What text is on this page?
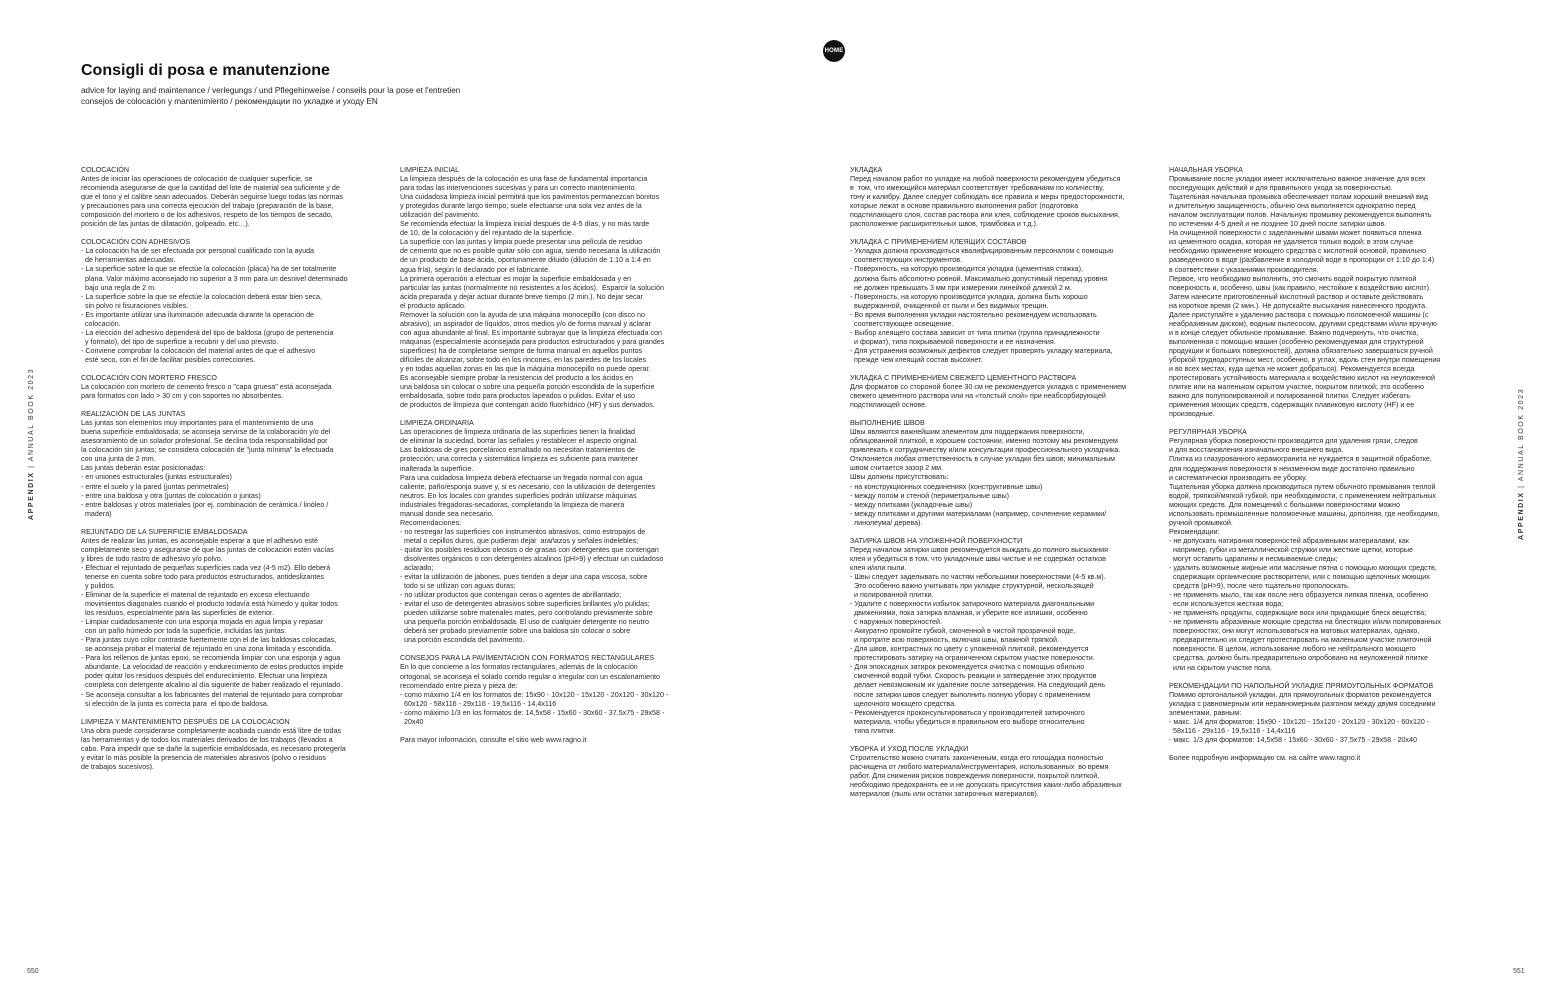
HOME
Consigli di posa e manutenzione
advice for laying and maintenance / verlegungs / und Pflegehinweise / conseils pour la pose et l'entretien
consejos de colocación y mantenimiento / рекомендации по укладке и уходу EN
COLOCACIÓN
Antes de iniciar las operaciones de colocación de cualquier superficie, se
recomienda asegurarse de que la cantidad del lote de material sea suficiente y de
que el tono y el calibre sean adecuados. Deberán seguirse luego todas las normas
y precauciones para una correcta ejecución del trabajo (preparación de la base,
composición del mortero o de los adhesivos, respeto de los tiempos de secado,
posición de las juntas de dilatación, golpeado, etc…).
COLOCACIÓN CON ADHESIVOS
- La colocación ha de ser efectuada por personal cualificado con la ayuda
de herramientas adecuadas.
- La superficie sobre la que se efectúe la colocación (placa) ha de ser totalmente
plana. Valor máximo aconsejado no superior a 3 mm para un desnivel determinado
bajo una regla de 2 m.
- La superficie sobre la que se efectúe la colocación deberá estar bien seca,
sin polvo ni fisuraciones visibles.
- Es importante utilizar una iluminación adecuada durante la operación de
colocación.
- La elección del adhesivo dependerá del tipo de baldosa (grupo de pertenencia
y formato), del tipo de superficie a recubrir y del uso previsto.
- Conviene comprobar la colocación del material antes de que el adhesivo
esté seco, con el fin de facilitar posibles correcciones.
COLOCACIÓN CON MORTERO FRESCO
La colocación con mortero de cemento fresco o "capa gruesa" está aconsejada
para formatos con lado > 30 cm y con soportes no absorbentes.
REALIZACIÓN DE LAS JUNTAS
Las juntas son elementos muy importantes para el mantenimiento de una
buena superficie embaldosada; se aconseja servirse de la colaboración y/o del
asesoramiento de un solador profesional. Se declina toda responsabilidad por
la colocación sin juntas; se considera colocación de "junta mínima" la efectuada
con una junta de 2 mm.
Las juntas deberán estar posicionadas:
- en uniones estructurales (juntas estructurales)
- entre el suelo y la pared (juntas perimetrales)
- entre una baldosa y otra (juntas de colocación o juntas)
- entre baldosas y otros materiales (por ej. combinación de cerámica / linóleo /
madera)
REJUNTADO DE LA SUPERFICIE EMBALDOSADA
Antes de realizar las juntas, es aconsejable esperar a que el adhesivo esté
completamente seco y asegurarse de que las juntas de colocación estén vacías
y libres de todo rastro de adhesivo y/o polvo.
- Efectuar el rejuntado de pequeñas superficies cada vez (4-5 m2). Ello deberá
tenerse en cuenta sobre todo para productos estructurados, antideslizantes
y pulidos.
- Eliminar de la superficie el material de rejuntado en exceso efectuando
movimientos diagonales cuando el producto todavía está húmedo y quitar todos
los residuos, especialmente para las superficies de exterior.
- Limpiar cuidadosamente con una esponja mojada en agua limpia y repasar
con un paño húmedo por toda la superficie, incluidas las juntas.
- Para juntas cuyo color contraste fuertemente con el de las baldosas colocadas,
se aconseja probar el material de rejuntado en una zona limitada y escondida.
- Para los rellenos de juntas epoxi, se recomienda limpiar con una esponja y agua
abundante. La velocidad de reacción y endurecimiento de estos productos impide
poder quitar los residuos después del endurecimiento. Efectuar una limpieza
completa con detergente alcalino al día siguiente de haber realizado el rejuntado.
- Se aconseja consultar a los fabricantes del material de rejuntado para comprobar
si elección de la junta es correcta para  el tipo de baldosa.
LIMPIEZA Y MANTENIMIENTO DESPUÉS DE LA COLOCACIÓN
Una obra puede considerarse completamente acabada cuando está libre de todas
las herramientas y de todos los materiales derivados de los trabajos (llevados a
cabo. Para impedir que se dañe la superficie embaldosada, es necesario protegerla
y evitar lo más posible la presencia de materiales abrasivos (polvo o residuos
de trabajos sucesivos).
LIMPIEZA INICIAL
La limpieza después de la colocación es una fase de fundamental importancia
para todas las intervenciones sucesivas y para un correcto mantenimiento.
Una cuidadosa limpieza inicial permitirá que los pavimentos permanezcan bonitos
y protegidos durante largo tiempo; suele efectuarse una sola vez antes de la
utilización del pavimento.
Se recomienda efectuar la limpieza inicial después de 4-5 días, y no más tarde
de 10, de la colocación y del rejuntado de la superficie.
La superficie con las juntas y limpia puede presentar una película de residuo
de cemento que no es posible quitar sólo con agua, siendo necesaria la utilización
de un producto de base ácida, oportunamente diluido (dilución de 1:10 a 1:4 en
agua fría), según lo declarado por el fabricante.
La primera operación a efectuar es mojar la superficie embaldosada y en
particular las juntas (normalmente no resistentes a los ácidos).  Esparcir la solución
ácida preparada y dejar actuar durante breve tiempo (2 min.). No dejar secar
el producto aplicado.
Remover la solución con la ayuda de una máquina monocepillo (con disco no
abrasivo), un aspirador de líquidos, otros medios y/o de forma manual y aclarar
con agua abundante al final. Es importante subrayar que la limpieza efectuada con
máquinas (especialmente aconsejada para productos estructurados y para grandes
superficies) ha de completarse siempre de forma manual en aquellos puntos
difíciles de alcanzar, sobre todo en los rincones, en las paredes de los locales
y en todas aquellas zonas en las que la máquina monocepillo no puede operar.
Es aconsejable siempre probar la resistencia del producto a los ácidos en
una baldosa sin colocar o sobre una pequeña porción escondida de la superficie
embaldosada, sobre todo para productos lapeados o pulidos. Evitar el uso
de productos de limpieza que contengan ácido fluorhídrico (HF) y sus derivados.
LIMPIEZA ORDINARIA
Las operaciones de limpieza ordinaria de las superficies tienen la finalidad
de eliminar la suciedad, borrar las señales y restablecer el aspecto original.
Las baldosas de gres porcelánico esmaltado no necesitan tratamientos de
protección; una correcta y sistemática limpieza es suficiente para mantener
inalterada la superficie.
Para una cuidadosa limpieza deberá efectuarse un fregado normal con agua
caliente, paño/esponja suave y, si es necesario, con la utilización de detergentes
neutros. En los locales con grandes superficies podrán utilizarse máquinas
industriales fregadoras-secadoras, completando la limpieza de manera
manual donde sea necesario.
Recomendaciones:
- no restregar las superficies con instrumentos abrasivos, como estropajos de
metal o cepillos duros, que pudieran dejar  arañazos y señales indelebles;
- quitar los posibles residuos oleosos o de grasas con detergentes que contengan
disolventes orgánicos o con detergentes alcalinos (pH>9) y efectuar un cuidadoso
aclarado;
- evitar la utilización de jabones, pues tienden a dejar una capa viscosa, sobre
todo si se utilizan con aguas duras;
- no utilizar productos que contengan ceras o agentes de abrillantado;
- evitar el uso de detergentes abrasivos sobre superficies brillantes y/o pulidas;
pueden utilizarse sobre materiales mates, pero controlando previamente sobre
una pequeña porción embaldosada. El uso de cualquier detergente no neutro
deberá ser probado previamente sobre una baldosa sin colocar o sobre
una porción escondida del pavimento.
CONSEJOS PARA LA PAVIMENTACIÓN CON FORMATOS RECTANGULARES
En lo que concierne a los formatos rectangulares, además de la colocación
ortogonal, se aconseja el solado corrido regular o irregular con un escalonamiento
recomendado entre pieza y pieza de:
- como máximo 1/4 en los formatos de: 15x90 - 10x120 - 15x120 - 20x120 - 30x120 -
60x120 - 58x116 - 29x116 - 19,5x116 - 14,4x116
- como máximo 1/3 en los formatos de: 14,5x58 - 15x60 - 30x60 - 37,5x75 - 29x58 -
20x40
Para mayor información, consulte el sitio web www.ragno.it
УКЛАДКА
Перед началом работ по укладке на любой поверхности рекомендуем убедиться
в  том, что имеющийся материал соответствует требованиям по количеству,
тону и калибру. Далее следует соблюдать все правила и меры предосторожности,
которые лежат в основе правильного выполнения работ (подготовка
подстилающего слоя, состав раствора или клея, соблюдение сроков высыхания,
расположение расширительных швов, трамбовка и т.д.).
УКЛАДКА С ПРИМЕНЕНИЕМ КЛЕЯЩИХ СОСТАВОВ
- Укладка должна производиться квалифицированным персоналом с помощью
соответствующих инструментов.
- Поверхность, на которую производится укладка (цементная стяжка),
должна быть абсолютно ровной. Максимально допустимый перепад уровня
не должен превышать 3 мм при измерении линейкой длиной 2 м.
- Поверхность, на которую производится укладка, должна быть хорошо
выдержанной, очищенной от пыли и без видимых трещин.
- Во время выполнения укладки настоятельно рекомендуем использовать
соответствующее освещение.
- Выбор клеящего состава зависит от типа плитки (группа принадлежности
и формат), типа покрываемой поверхности и ее назначения.
- Для устранения возможных дефектов следует проверять укладку материала,
прежде чем клеящий состав высохнет.
УКЛАДКА С ПРИМЕНЕНИЕМ СВЕЖЕГО ЦЕМЕНТНОГО РАСТВОРА
Для форматов со стороной более 30 см не рекомендуется укладка с применением
свежего цементного раствора или на «толстый слой» при неабсорбирующей
подстилающей основе.
ВЫПОЛНЕНИЕ ШВОВ
Швы являются важнейшим элементом для поддержания поверхности,
облицованной плиткой, в хорошем состоянии, именно поэтому мы рекомендуем
привлекать к сотрудничеству и/или консультации профессионального укладчика.
Отклоняется любая ответственность в случае укладки без швов; минимальным
швом считается зазор 2 мм.
Швы должны присутствовать:
- на конструкционных соединениях (конструктивные швы)
- между полом и стеной (периметральные швы)
- между плитками (укладочные швы)
- между плитками и другими материалами (например, сочленение керамики/
линолеума/ дерева).
ЗАТИРКА ШВОВ НА УЛОЖЕННОЙ ПОВЕРХНОСТИ
Перед началом затирки швов рекомендуется выждать до полного высыхания
клея и убедиться в том, что укладочные швы чистые и не содержат остатков
клея и/или пыли.
- Швы следует заделывать по частям небольшими поверхностями (4-5 кв.м).
Это особенно важно учитывать при укладке структурной, нескользящей
и полированной плитки.
- Удалите с поверхности избыток затирочного материала диагональными
движениями, пока затирка влажная, и уберите все излишки, особенно
с наружных поверхностей.
- Аккуратно промойте губкой, смоченной в чистой прозрачной воде,
и протрите всю поверхность, включая швы, влажной тряпкой.
- Для швов, контрастных по цвету с уложенной плиткой, рекомендуется
протестировать затирку на ограниченном скрытом участке поверхности.
- Для эпоксидных затирок рекомендуется очистка с помощью обильно
смоченной водой губки. Скорость реакции и затвердение этих продуктов
делает невозможным их удаление после затвердения. На следующий день
после затирки швов следует выполнить полную уборку с применением
щелочного моющего средства.
- Рекомендуется проконсультироваться у производителей затирочного
материала, чтобы убедиться в правильном его выборе относительно
типа плитки.
УБОРКА И УХОД ПОСЛЕ УКЛАДКИ
Строительство можно считать законченным, когда его площадка полностью
расчищена от любого материала/инструментария, использованных  во время
работ. Для снижения рисков повреждения поверхности, покрытой плиткой,
необходимо предохранять ее и не допускать присутствия каких-либо абразивных
материалов (пыль или остатки затирочных материалов).
НАЧАЛЬНАЯ УБОРКА
Промывание после укладки имеет исключительно важное значение для всех
последующих действий и для правильного ухода за поверхностью.
Тщательная начальная промывка обеспечивает полам хороший внешний вид
и длительную защищенность, обычно она выполняется однократно перед
началом эксплуатации полов. Начальную промывку рекомендуется выполнять
по истечении 4-5 дней и не позднее 10 дней после затирки швов.
На очищенной поверхности с заделанными швами может появиться пленка
из цементного осадка, которая не удаляется только водой; в этом случае
необходимо применение моющего средства с кислотной основой, правильно
разведенного в воде (разбавление в холодной воде в пропорции от 1:10 до 1:4)
в соответствии с указаниями производителя.
Первое, что необходимо выполнить, это смочить водой покрытую плиткой
поверхность и, особенно, швы (как правило, нестойкие к воздействию кислот).
Затем нанесите приготовленный кислотный раствор и оставьте действовать
на короткое время (2 мин.). Не допускайте высыхания нанесенного продукта.
Далее приступайте к удалению раствора с помощью поломоечной машины (с
неабразивным диском), водным пылесосом, другими средствами и/или вручную
и в конце следует обильное промывание. Важно подчеркнуть, что очистка,
выполненная с помощью машин (особенно рекомендуемая для структурной
продукции и больших поверхностей), должна обязательно завершаться ручной
уборкой труднодоступных мест, особенно, в углах, вдоль стен внутри помещения
и во всех местах, куда щетка не может добраться). Рекомендуется всегда
протестировать устойчивость материала к воздействию кислот на неуложенной
плитке или на маленьком скрытом участке, покрытом плиткой; это особенно
важно для полуполированной и полированной плитки. Следует избегать
применения моющих средств, содержащих плавиковую кислоту (HF) и ее
производные.
РЕГУЛЯРНАЯ УБОРКА
Регулярная уборка поверхности производится для удаления грязи, следов
и для восстановления изначального внешнего вида.
Плитка из глазурованного керамогранита не нуждается в защитной обработке,
для поддержания поверхности в неизменном виде достаточно правильно
и систематически производить ее уборку.
Тщательная уборка должна производиться путем обычного промывания теплой
водой, тряпкой/мягкой губкой, при необходимости, с применением нейтральных
моющих средств. Для помещений с большими поверхностями можно
использовать промышленные поломоечные машины, дополняя, где необходимо,
ручной промывкой.
Рекомендации:
- не допускать натирания поверхностей абразивными материалами, как
например, губки из металлической стружки или жесткие щетки, которые
могут оставить царапины и несмываемые следы;
- удалить возможные жирные или масляные пятна с помощью моющих средств,
содержащих органические растворители, или с помощью щелочных моющих
средств (pH>9), после чего тщательно прополоскать.
- не применять мыло, так как после него образуется липкая пленка, особенно
если используется жесткая вода;
- не применять продукты, содержащие воск или придающие блеск веществa;
- не применять абразивные моющие средства на блестящих и/или полированных
поверхностях; они могут использоваться на матовых материалах, однако,
предварительно их следует протестировать на маленьком участке плиточной
поверхности. В целом, использование любого не нейтрального моющего
средства, должно быть предварительно опробовано на неуложенной плитке
или на скрытом участке пола.
РЕКОМЕНДАЦИИ ПО НАПОЛЬНОЙ УКЛАДКЕ ПРЯМОУГОЛЬНЫХ ФОРМАТОВ
Помимо ортогональной укладки, для прямоугольных форматов рекомендуется
укладка с равномерным или неравномерным разгоном между двумя соседними
элементами, равным:
- макс. 1/4 для форматов: 15x90 - 10x120 - 15x120 - 20x120 - 30x120 - 60x120 -
58x116 - 29x116 - 19,5x116 - 14,4x116
- макс. 1/3 для форматов: 14,5x58 - 15x60 - 30x60 - 37,5x75 - 29x58 - 20x40
Более подробную информацию см. на сайте www.ragno.it
APPENDIX | ANNUAL BOOK 2023
APPENDIX | ANNUAL BOOK 2023
550	551
